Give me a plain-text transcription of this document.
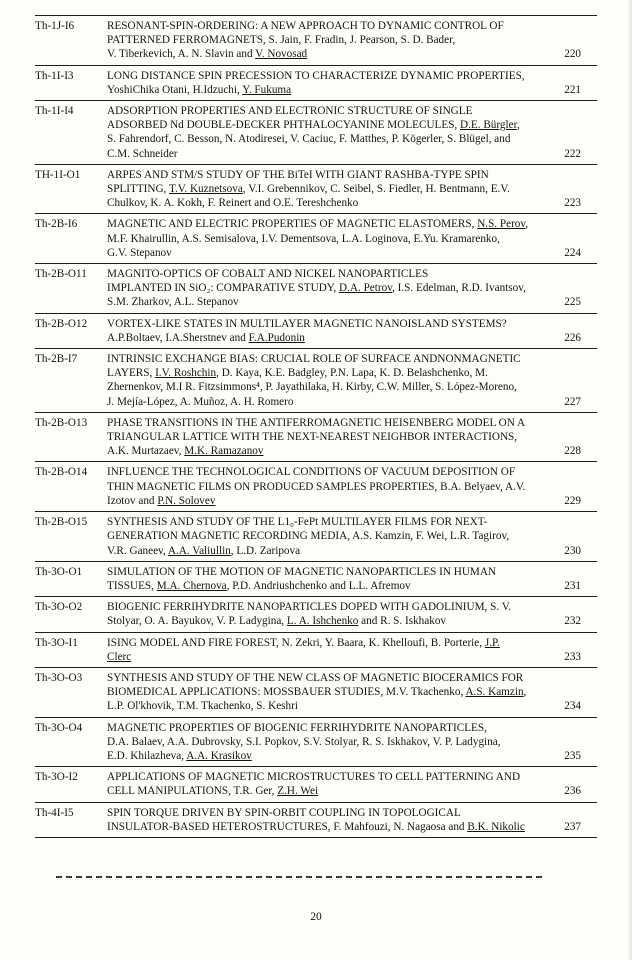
Th-1J-I6	RESONANT-SPIN-ORDERING: A NEW APPROACH TO DYNAMIC CONTROL OF
PATTERNED FERROMAGNETS, S. Jain, F. Fradin, J. Pearson, S. D. Bader,
V. Tiberkevich, A. N. Slavin and V. Novosad	220
Th-1I-I3	LONG DISTANCE SPIN PRECESSION TO CHARACTERIZE DYNAMIC PROPERTIES,
YoshiChika Otani, H.Idzuchi, Y. Fukuma	221
Th-1I-I4	ADSORPTION PROPERTIES AND ELECTRONIC STRUCTURE OF SINGLE
ADSORBED Nd DOUBLE-DECKER PHTHALOCYANINE MOLECULES, D.E. Bürgler,
S. Fahrendorf, C. Besson, N. Atodiresei, V. Caciuc, F. Matthes, P. Kögerler, S. Blügel, and
C.M. Schneider	222
TH-1I-O1	ARPES AND STM/S STUDY OF THE BiTeI WITH GIANT RASHBA-TYPE SPIN
SPLITTING, T.V. Kuznetsova, V.I. Grebennikov, C. Seibel, S. Fiedler, H. Bentmann, E.V.
Chulkov, K. A. Kokh, F. Reinert and O.E. Tereshchenko	223
Th-2B-I6	MAGNETIC AND ELECTRIC PROPERTIES OF MAGNETIC ELASTOMERS, N.S. Perov,
M.F. Khairullin, A.S. Semisalova, I.V. Dementsova, L.A. Loginova, E.Yu. Kramarenko,
G.V. Stepanov	224
Th-2B-O11	MAGNITO-OPTICS OF COBALT AND NICKEL NANOPARTICLES
IMPLANTED IN SiO₂: COMPARATIVE STUDY, D.A. Petrov, I.S. Edelman, R.D. Ivantsov,
S.M. Zharkov, A.L. Stepanov	225
Th-2B-O12	VORTEX-LIKE STATES IN MULTILAYER MAGNETIC NANOISLAND SYSTEMS?
A.P.Boltaev, I.A.Sherstnev and F.A.Pudonin	226
Th-2B-I7	INTRINSIC EXCHANGE BIAS: CRUCIAL ROLE OF SURFACE ANDNONMAGNETIC
LAYERS, I.V. Roshchin, D. Kaya, K.E. Badgley, P.N. Lapa, K. D. Belashchenko, M.
Zhernenkov, M.I R. Fitzsimmons⁴, P. Jayathilaka, H. Kirby, C.W. Miller, S. López-Moreno,
J. Mejía-López, A. Muñoz, A. H. Romero	227
Th-2B-O13	PHASE TRANSITIONS IN THE ANTIFERROMAGNETIC HEISENBERG MODEL ON A
TRIANGULAR LATTICE WITH THE NEXT-NEAREST NEIGHBOR INTERACTIONS,
A.K. Murtazaev, M.K. Ramazanov	228
Th-2B-O14	INFLUENCE THE TECHNOLOGICAL CONDITIONS OF VACUUM DEPOSITION OF
THIN MAGNETIC FILMS ON PRODUCED SAMPLES PROPERTIES, B.A. Belyaev, A.V.
Izotov and P.N. Solovev	229
Th-2B-O15	SYNTHESIS AND STUDY OF THE L1₀-FePt MULTILAYER FILMS FOR NEXT-
GENERATION MAGNETIC RECORDING MEDIA, A.S. Kamzin, F. Wei, L.R. Tagirov,
V.R. Ganeev, A.A. Valiullin, L.D. Zaripova	230
Th-3O-O1	SIMULATION OF THE MOTION OF MAGNETIC NANOPARTICLES IN HUMAN
TISSUES, M.A. Chernova, P.D. Andriushchenko and L.L. Afremov	231
Th-3O-O2	BIOGENIC FERRIHYDRITE NANOPARTICLES DOPED WITH GADOLINIUM, S. V.
Stolyar, O. A. Bayukov, V. P. Ladygina, L. A. Ishchenko and R. S. Iskhakov	232
Th-3O-I1	ISING MODEL AND FIRE FOREST, N. Zekri, Y. Baara, K. Khelloufi, B. Porterie, J.P.
Clerc	233
Th-3O-O3	SYNTHESIS AND STUDY OF THE NEW CLASS OF MAGNETIC BIOCERAMICS FOR
BIOMEDICAL APPLICATIONS: MOSSBAUER STUDIES, M.V. Tkachenko, A.S. Kamzin,
L.P. Ol'khovik, T.M. Tkachenko, S. Keshri	234
Th-3O-O4	MAGNETIC PROPERTIES OF BIOGENIC FERRIHYDRITE NANOPARTICLES,
D.A. Balaev, A.A. Dubrovsky, S.I. Popkov, S.V. Stolyar, R. S. Iskhakov, V. P. Ladygina,
E.D. Khilazheva, A.A. Krasikov	235
Th-3O-I2	APPLICATIONS OF MAGNETIC MICROSTRUCTURES TO CELL PATTERNING AND
CELL MANIPULATIONS, T.R. Ger, Z.H. Wei	236
Th-4I-I5	SPIN TORQUE DRIVEN BY SPIN-ORBIT COUPLING IN TOPOLOGICAL
INSULATOR-BASED HETEROSTRUCTURES, F. Mahfouzi, N. Nagaosa and B.K. Nikolic	237
20
